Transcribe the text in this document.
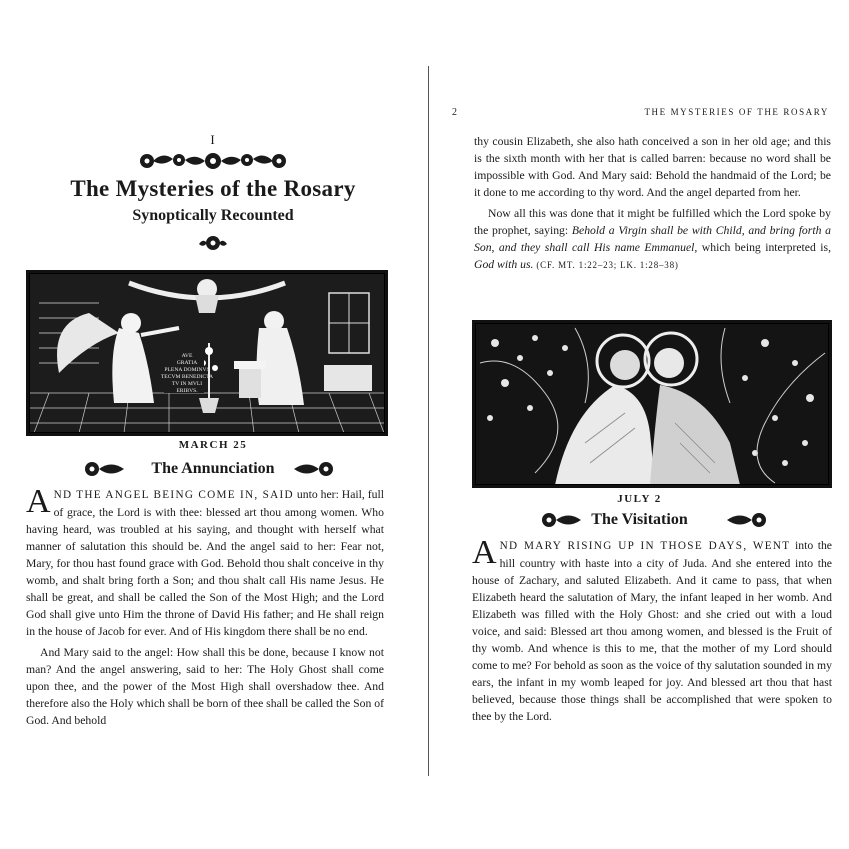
I
The Mysteries of the Rosary
Synoptically Recounted
AVE
GRATIA
PLENA DOMINVS
TECVM BENEDICTA
TV IN MVLI
ERIBVS.
MARCH 25
The Annunciation

AND THE ANGEL BEING COME IN, SAID unto her: Hail, full of grace, the Lord is with thee: blessed art thou among women. Who having heard, was troubled at his saying, and thought with herself what manner of salutation this should be. And the angel said to her: Fear not, Mary, for thou hast found grace with God. Behold thou shalt conceive in thy womb, and shalt bring forth a Son; and thou shalt call His name Jesus. He shall be great, and shall be called the Son of the Most High; and the Lord God shall give unto Him the throne of David His father; and He shall reign in the house of Jacob for ever. And of His kingdom there shall be no end.

And Mary said to the angel: How shall this be done, because I know not man? And the angel answering, said to her: The Holy Ghost shall come upon thee, and the power of the Most High shall overshadow thee. And therefore also the Holy which shall be born of thee shall be called the Son of God. And behold

2	THE MYSTERIES OF THE ROSARY

thy cousin Elizabeth, she also hath conceived a son in her old age; and this is the sixth month with her that is called barren: because no word shall be impossible with God. And Mary said: Behold the handmaid of the Lord; be it done to me according to thy word. And the angel departed from her.

Now all this was done that it might be fulfilled which the Lord spoke by the prophet, saying: Behold a Virgin shall be with Child, and bring forth a Son, and they shall call His name Emmanuel, which being interpreted is, God with us. (CF. MT. 1:22–23; LK. 1:28–38)

JULY 2
The Visitation

AND MARY RISING UP IN THOSE DAYS, WENT into the hill country with haste into a city of Juda. And she entered into the house of Zachary, and saluted Elizabeth. And it came to pass, that when Elizabeth heard the salutation of Mary, the infant leaped in her womb. And Elizabeth was filled with the Holy Ghost: and she cried out with a loud voice, and said: Blessed art thou among women, and blessed is the Fruit of thy womb. And whence is this to me, that the mother of my Lord should come to me? For behold as soon as the voice of thy salutation sounded in my ears, the infant in my womb leaped for joy. And blessed art thou that hast believed, because those things shall be accomplished that were spoken to thee by the Lord.
